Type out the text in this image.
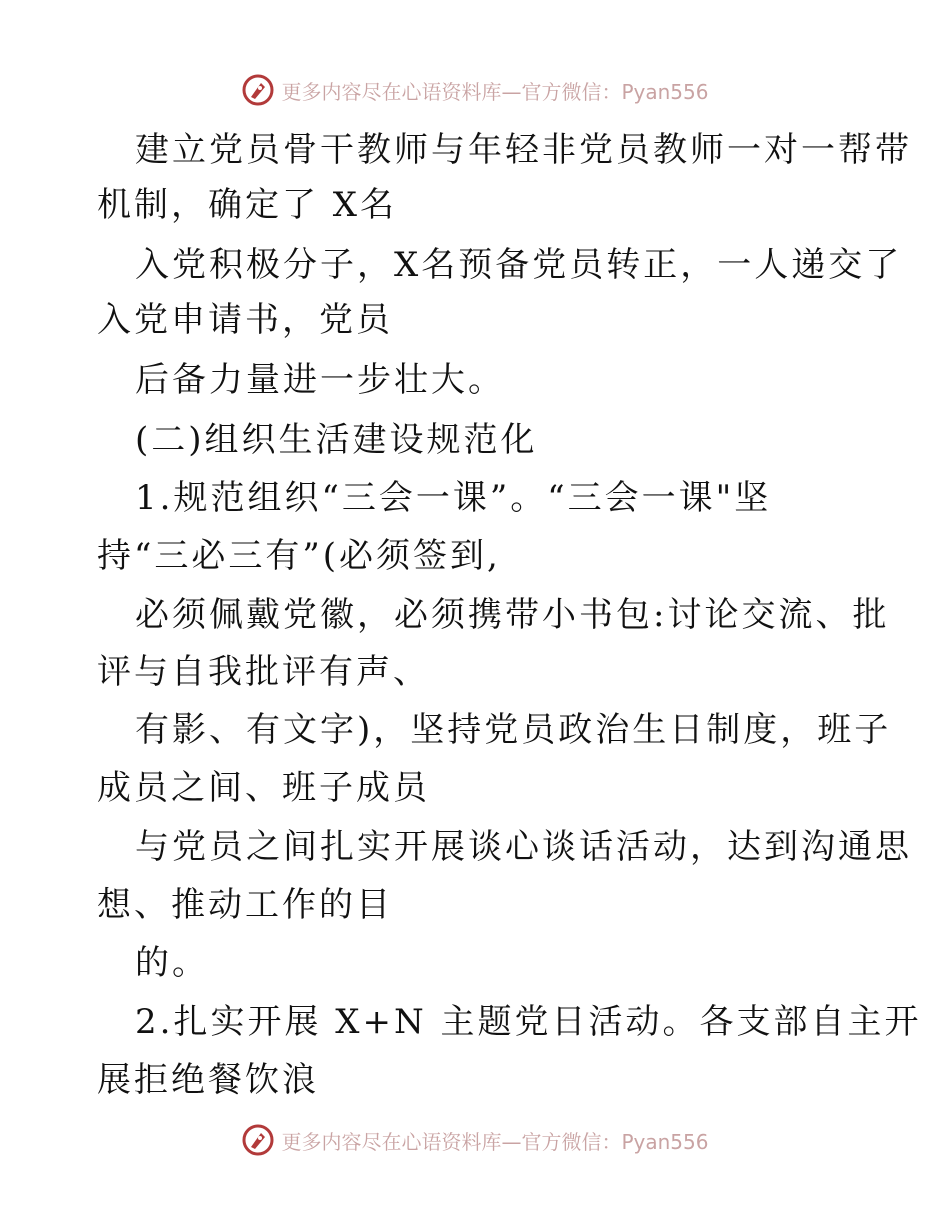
更多内容尽在心语资料库—官方微信：Pyan556
建立党员骨干教师与年轻非党员教师一对一帮带
机制，确定了 X名
入党积极分子，X名预备党员转正，一人递交了
入党申请书，党员
后备力量进一步壮大。
(二)组织生活建设规范化
1.规范组织“三会一课”。“三会一课"坚
持“三必三有”(必须签到,
必须佩戴党徽，必须携带小书包:讨论交流、批
评与自我批评有声、
有影、有文字)，坚持党员政治生日制度，班子
成员之间、班子成员
与党员之间扎实开展谈心谈话活动，达到沟通思
想、推动工作的目
的。
2.扎实开展 X+N 主题党日活动。各支部自主开
展拒绝餐饮浪
更多内容尽在心语资料库—官方微信：Pyan556
